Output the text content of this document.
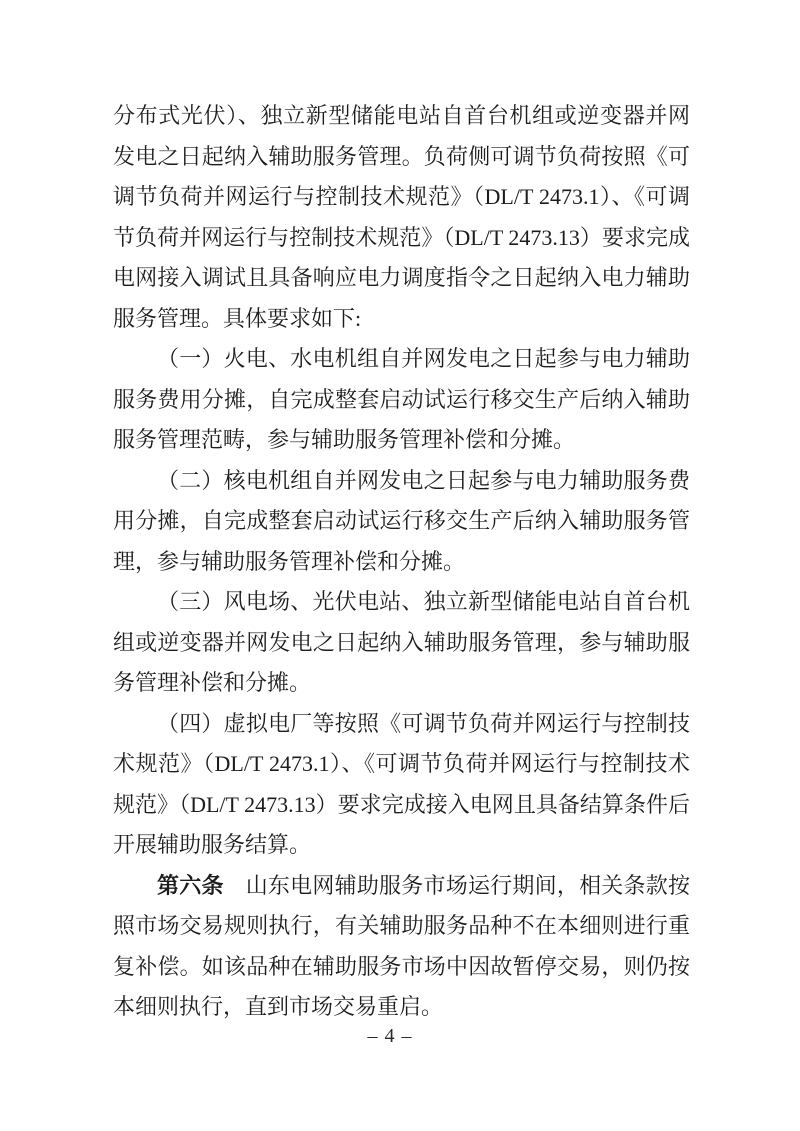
分布式光伏）、独立新型储能电站自首台机组或逆变器并网发电之日起纳入辅助服务管理。负荷侧可调节负荷按照《可调节负荷并网运行与控制技术规范》（DL/T 2473.1）、《可调节负荷并网运行与控制技术规范》（DL/T 2473.13）要求完成电网接入调试且具备响应电力调度指令之日起纳入电力辅助服务管理。具体要求如下:

（一）火电、水电机组自并网发电之日起参与电力辅助服务费用分摊，自完成整套启动试运行移交生产后纳入辅助服务管理范畴，参与辅助服务管理补偿和分摊。

（二）核电机组自并网发电之日起参与电力辅助服务费用分摊，自完成整套启动试运行移交生产后纳入辅助服务管理，参与辅助服务管理补偿和分摊。

（三）风电场、光伏电站、独立新型储能电站自首台机组或逆变器并网发电之日起纳入辅助服务管理，参与辅助服务管理补偿和分摊。

（四）虚拟电厂等按照《可调节负荷并网运行与控制技术规范》（DL/T 2473.1）、《可调节负荷并网运行与控制技术规范》（DL/T 2473.13）要求完成接入电网且具备结算条件后开展辅助服务结算。

第六条 山东电网辅助服务市场运行期间，相关条款按照市场交易规则执行，有关辅助服务品种不在本细则进行重复补偿。如该品种在辅助服务市场中因故暂停交易，则仍按本细则执行，直到市场交易重启。

– 4 –
